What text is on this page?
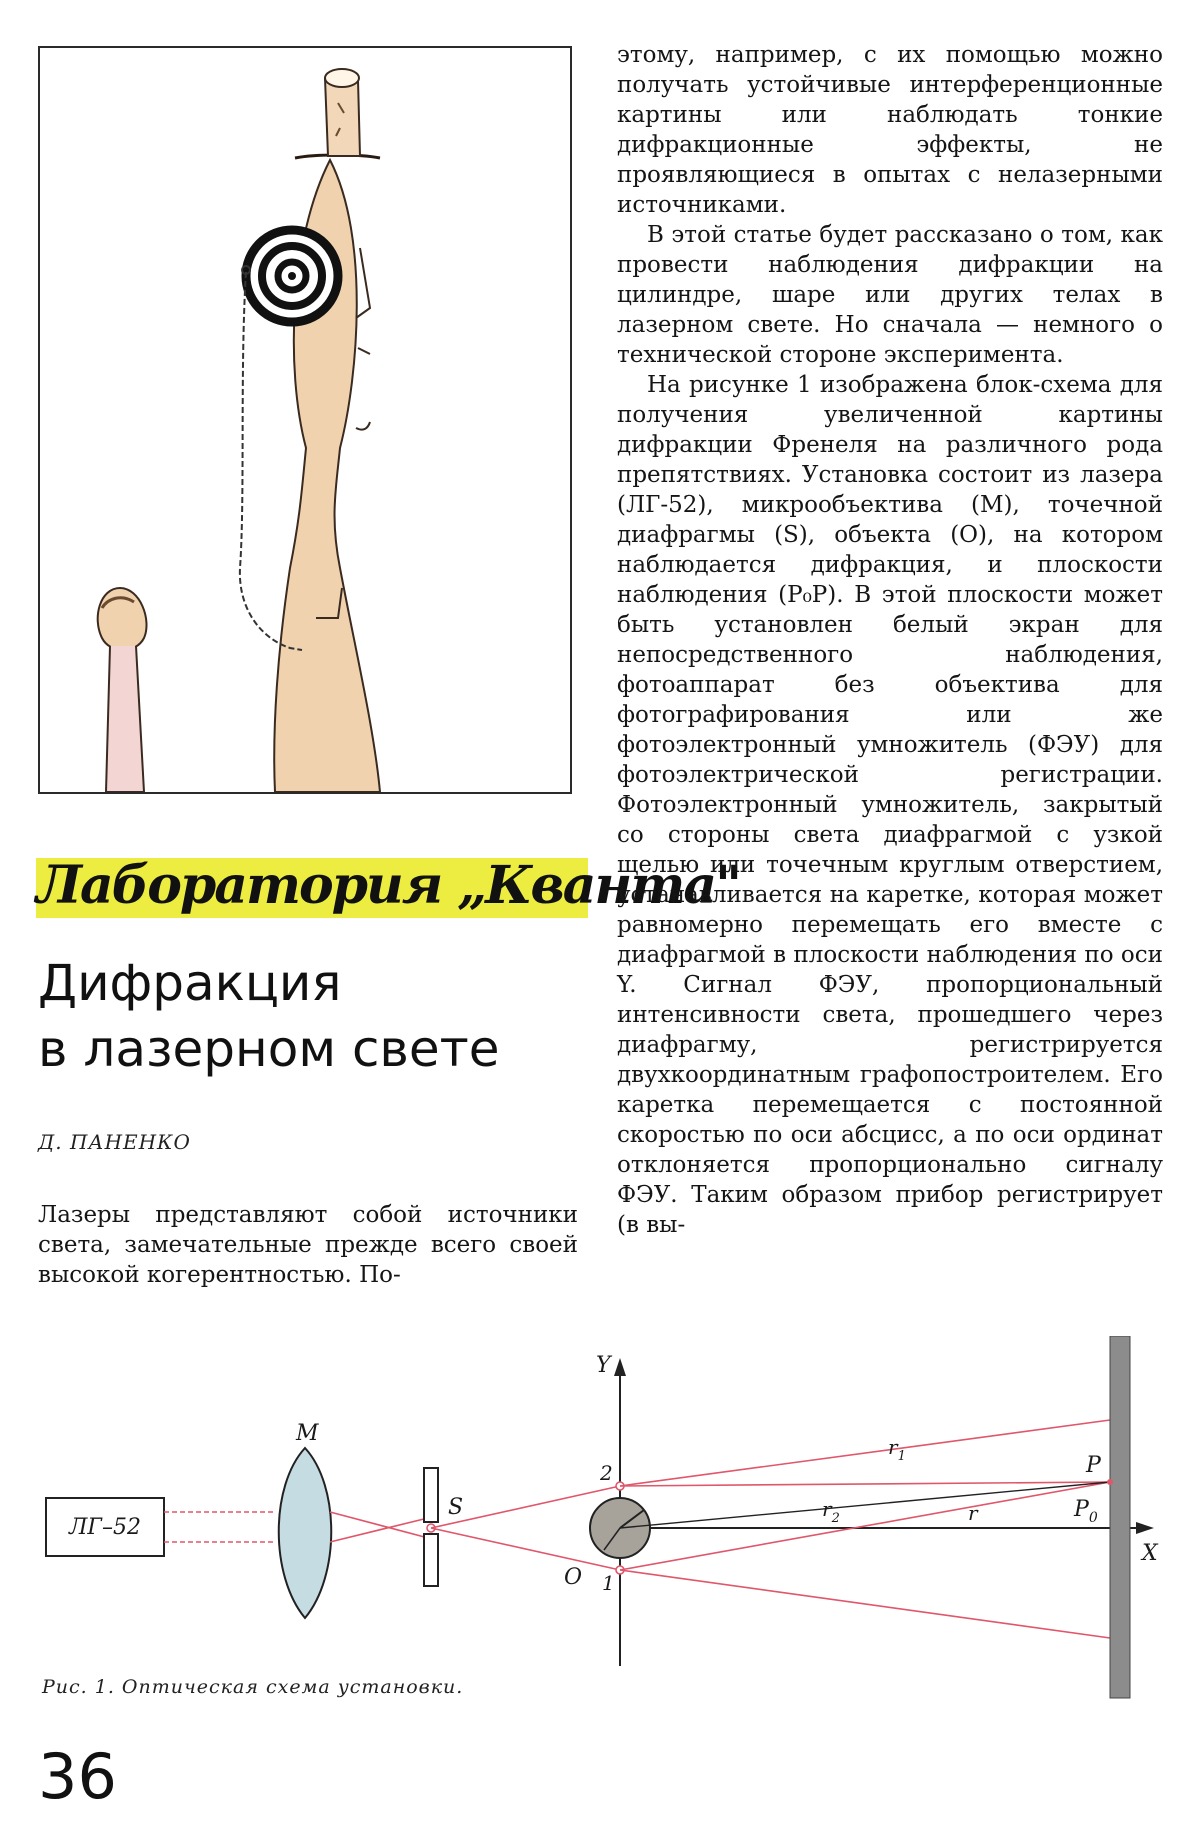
Лаборатория „Кванта"
Дифракция
в лазерном свете

Д. ПАНЕНКО

Лазеры представляют собой источники света, замечательные прежде всего своей высокой когерентностью. По-

этому, например, с их помощью можно получать устойчивые интерференционные картины или наблюдать тонкие дифракционные эффекты, не проявляющиеся в опытах с нелазерными источниками.

В этой статье будет рассказано о том, как провести наблюдения дифракции на цилиндре, шаре или других телах в лазерном свете. Но сначала — немного о технической стороне эксперимента.

На рисунке 1 изображена блок-схема для получения увеличенной картины дифракции Френеля на различного рода препятствиях. Установка состоит из лазера (ЛГ-52), микрообъектива (M), точечной диафрагмы (S), объекта (O), на котором наблюдается дифракция, и плоскости наблюдения (P₀P). В этой плоскости может быть установлен белый экран для непосредственного наблюдения, фотоаппарат без объектива для фотографирования или же фотоэлектронный умножитель (ФЭУ) для фотоэлектрической регистрации. Фотоэлектронный умножитель, закрытый со стороны света диафрагмой с узкой щелью или точечным круглым отверстием, устанавливается на каретке, которая может равномерно перемещать его вместе с диафрагмой в плоскости наблюдения по оси Y. Сигнал ФЭУ, пропорциональный интенсивности света, прошедшего через диафрагму, регистрируется двухкоординатным графопостроителем. Его каретка перемещается с постоянной скоростью по оси абсцисс, а по оси ординат отклоняется пропорционально сигналу ФЭУ. Таким образом прибор регистрирует (в вы-

ЛГ–52
M
S
Y
X
O 1
2
$r_1$
$r_2$	r
P
$P_0$

Рис. 1. Оптическая схема установки.

36
